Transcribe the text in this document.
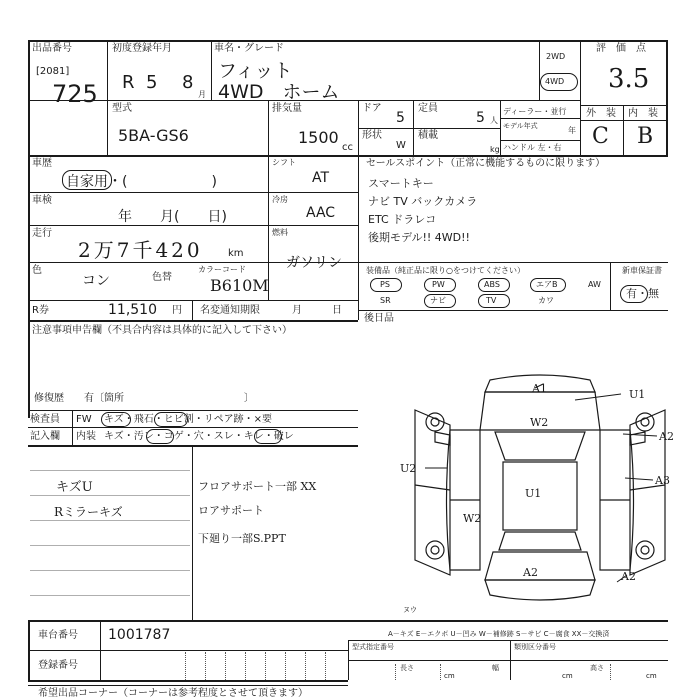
出品番号
[2081]
725
初度登録年月
R 5 8
月
車名・グレード
フィット
4WD　ホーム
2WD
4WD
評　価　点
3.5
型式
5BA-GS6
排気量
1500
cc
ドア
5
形状
W
定員
5 人
積載
kg
ディーラー・並行
モデル年式	年
ハンドル 左・右
外　装 内　装
C B
車歴
自家用・(　　　　　　)
シフト
AT
車検
年　　月(　　日)
冷房
AAC
走行
2万7千420	km
燃料
ガソリン
色
コン	色替
カラーコード
B610M
R券	11,510 円 名変通知期限	月　　　日
セールスポイント（正常に機能するものに限ります）
スマートキー
ナビ TV バックカメラ
ETC ドラレコ
後期モデル!! 4WD!!
装備品（純正品に限り○をつけてください）
PS	PW	ABS	エアB	AW
SR	ナビ	TV	カワ
新車保証書
有・無
注意事項申告欄（不具合内容は具体的に記入して下さい）
修復歴　　有〔箇所　　　　　　　　　　　　〕
後日品
検査員 FW キズ・飛石・ヒビ割・リペア跡・×要
記入欄 内装 キズ・汚レ・コゲ・穴・スレ・キレ・破レ
キズU
Rミラーキズ
フロアサポート一部 XX
ロアサポート
下廻り一部S.PPT
A1	U1
W2
A2
U2
U1
A3
W2
A2	A2
ヌウ
車台番号 1001787
登録番号
A－キズ E－エクボ U－凹み W－補修跡 S－サビ C－腐食 XX－交換済
型式指定番号	類別区分番号
長さ
cm
幅
cm
高さ
cm
希望出品コーナー（コーナーは参考程度とさせて頂きます）
